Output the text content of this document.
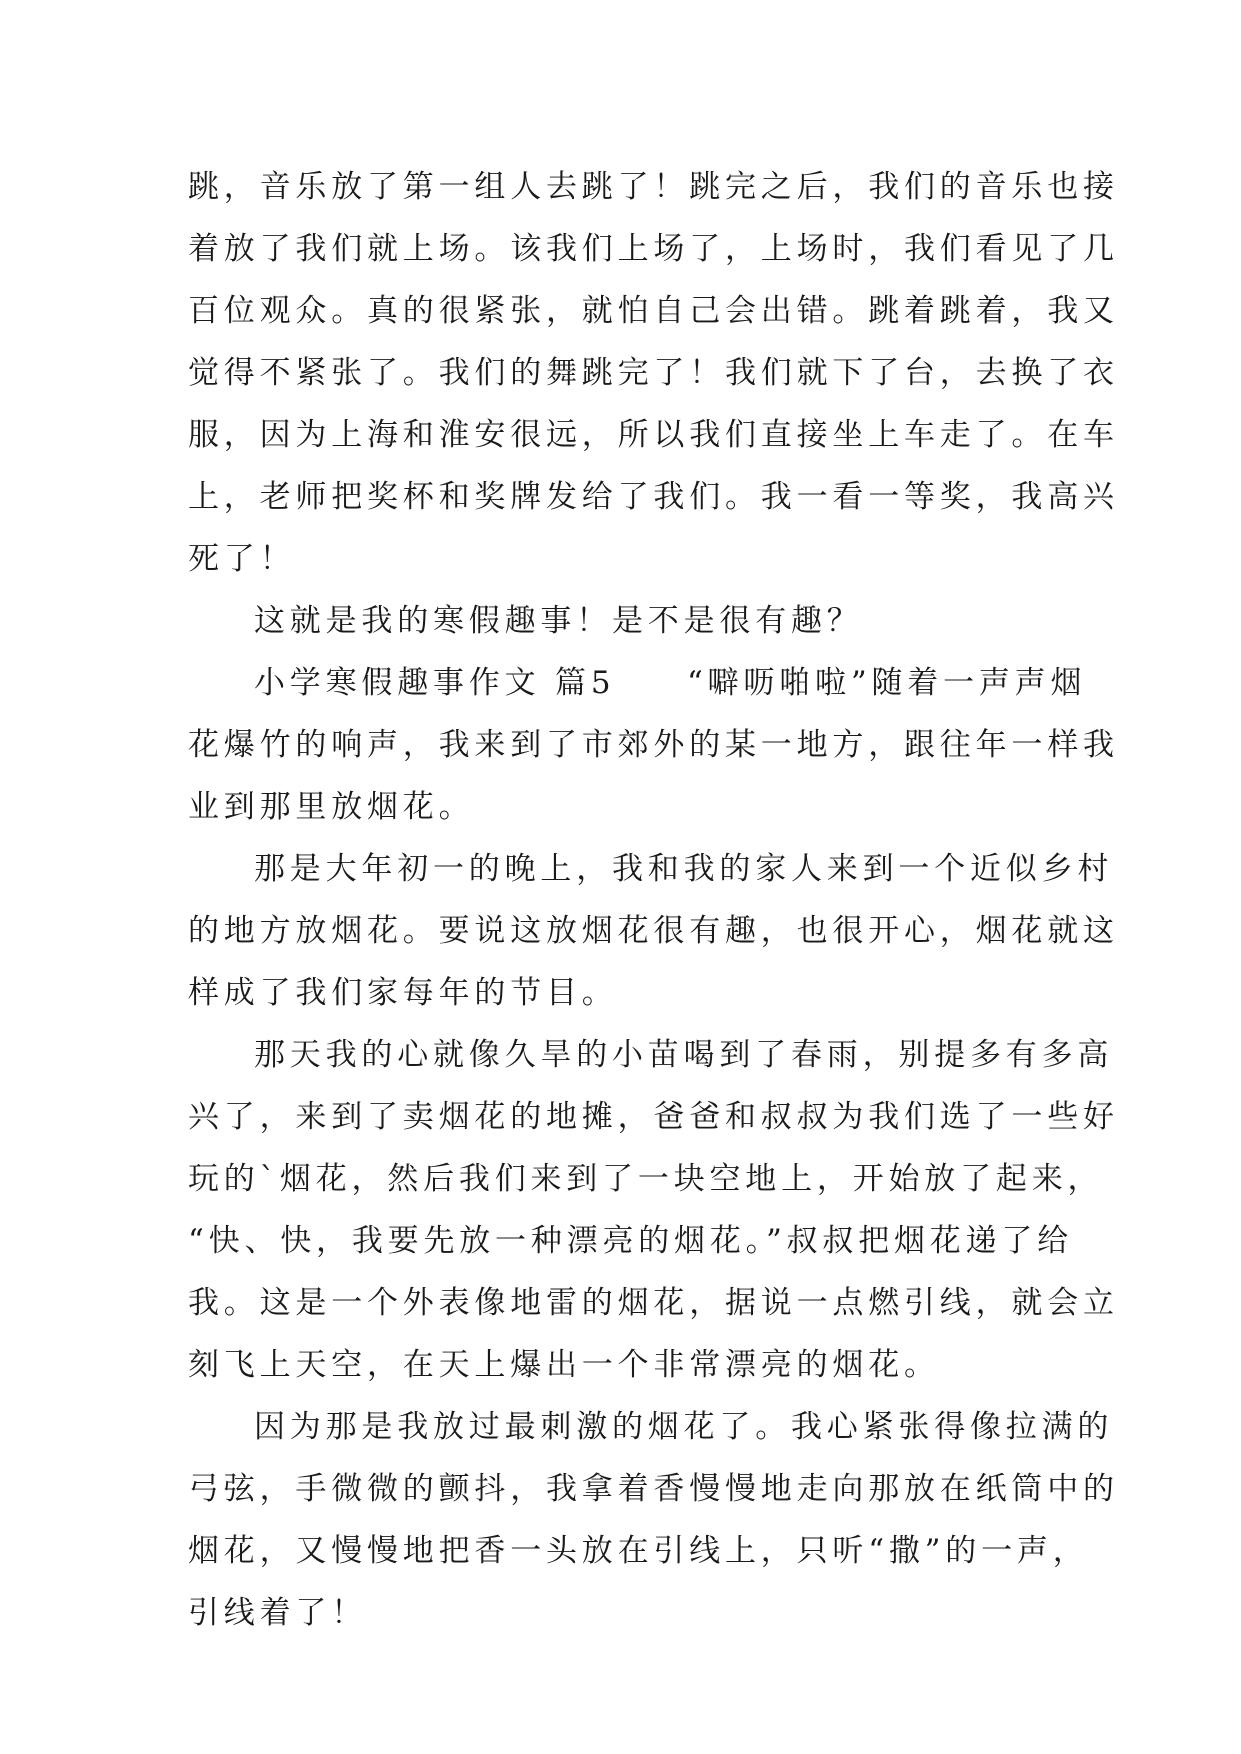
跳，音乐放了第一组人去跳了！跳完之后，我们的音乐也接
着放了我们就上场。该我们上场了，上场时，我们看见了几
百位观众。真的很紧张，就怕自己会出错。跳着跳着，我又
觉得不紧张了。我们的舞跳完了！我们就下了台，去换了衣
服，因为上海和淮安很远，所以我们直接坐上车走了。在车
上，老师把奖杯和奖牌发给了我们。我一看一等奖，我高兴
死了！
这就是我的寒假趣事！是不是很有趣？
小学寒假趣事作文 篇5　　“噼呖啪啦”随着一声声烟
花爆竹的响声，我来到了市郊外的某一地方，跟往年一样我
业到那里放烟花。
那是大年初一的晚上，我和我的家人来到一个近似乡村
的地方放烟花。要说这放烟花很有趣，也很开心，烟花就这
样成了我们家每年的节目。
那天我的心就像久旱的小苗喝到了春雨，别提多有多高
兴了，来到了卖烟花的地摊，爸爸和叔叔为我们选了一些好
玩的`烟花，然后我们来到了一块空地上，开始放了起来，
“快、快，我要先放一种漂亮的烟花。”叔叔把烟花递了给
我。这是一个外表像地雷的烟花，据说一点燃引线，就会立
刻飞上天空，在天上爆出一个非常漂亮的烟花。
因为那是我放过最刺激的烟花了。我心紧张得像拉满的
弓弦，手微微的颤抖，我拿着香慢慢地走向那放在纸筒中的
烟花，又慢慢地把香一头放在引线上，只听“撒”的一声，
引线着了！
